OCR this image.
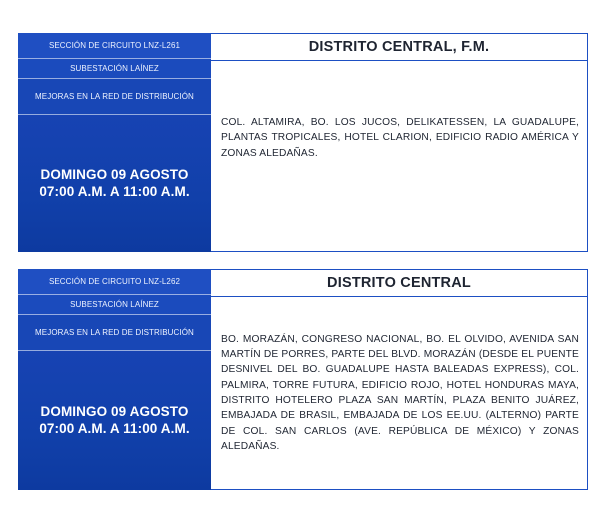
SECCIÓN DE CIRCUITO LNZ-L261
SUBESTACIÓN LAÍNEZ
MEJORAS EN LA RED DE DISTRIBUCIÓN
DOMINGO 09 AGOSTO
07:00 A.M. A 11:00 A.M.
DISTRITO CENTRAL, F.M.
COL. ALTAMIRA, BO. LOS JUCOS, DELIKATESSEN, LA GUADALUPE, PLANTAS TROPICALES, HOTEL CLARION, EDIFICIO RADIO AMÉRICA Y ZONAS ALEDAÑAS.
SECCIÓN DE CIRCUITO LNZ-L262
SUBESTACIÓN LAÍNEZ
MEJORAS EN LA RED DE DISTRIBUCIÓN
DOMINGO 09 AGOSTO
07:00 A.M. A 11:00 A.M.
DISTRITO CENTRAL
BO. MORAZÁN, CONGRESO NACIONAL, BO. EL OLVIDO, AVENIDA SAN MARTÍN DE PORRES, PARTE DEL BLVD. MORAZÁN (DESDE EL PUENTE DESNIVEL DEL BO. GUADALUPE HASTA BALEADAS EXPRESS), COL. PALMIRA, TORRE FUTURA, EDIFICIO ROJO, HOTEL HONDURAS MAYA, DISTRITO HOTELERO PLAZA SAN MARTÍN, PLAZA BENITO JUÁREZ, EMBAJADA DE BRASIL, EMBAJADA DE LOS EE.UU. (ALTERNO) PARTE DE COL. SAN CARLOS (AVE. REPÚBLICA DE MÉXICO) Y ZONAS ALEDAÑAS.
